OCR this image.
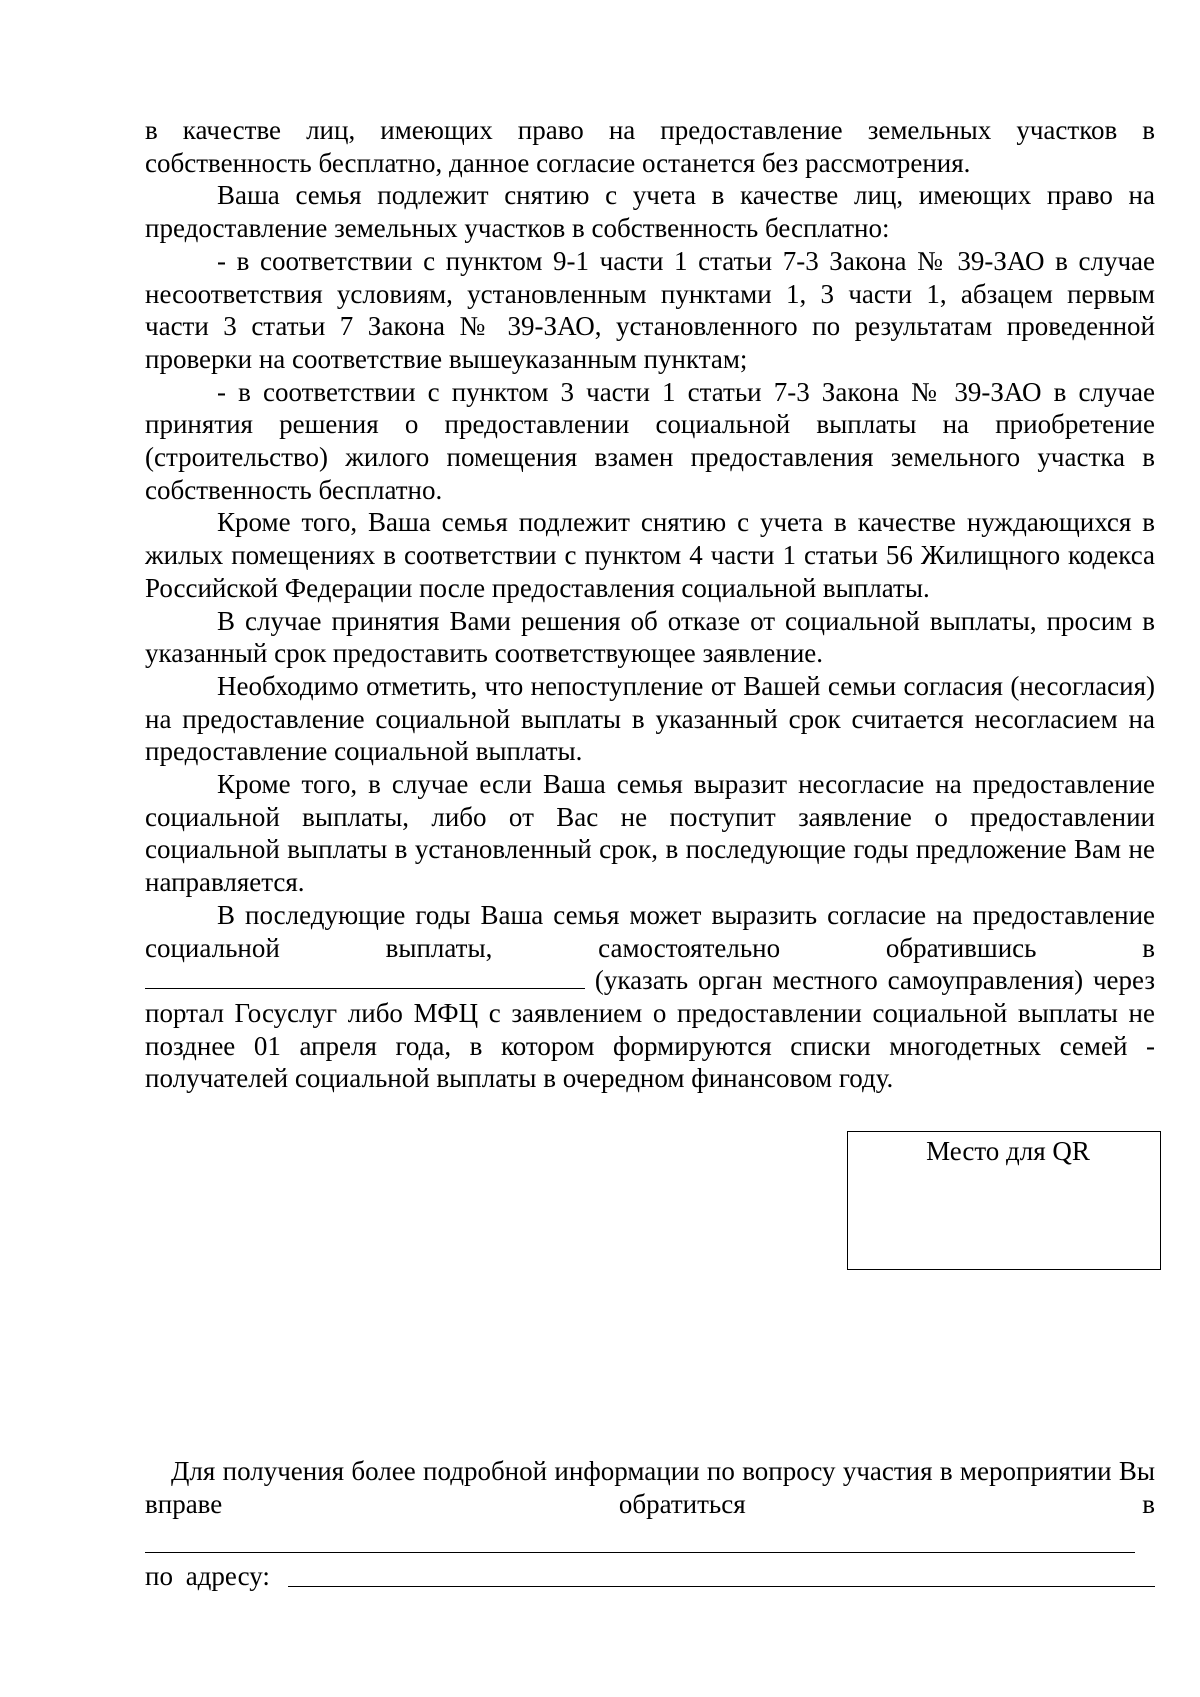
в качестве лиц, имеющих право на предоставление земельных участков в собственность бесплатно, данное согласие останется без рассмотрения.

Ваша семья подлежит снятию с учета в качестве лиц, имеющих право на предоставление земельных участков в собственность бесплатно:

- в соответствии с пунктом 9-1 части 1 статьи 7-3 Закона № 39-ЗАО в случае несоответствия условиям, установленным пунктами 1, 3 части 1, абзацем первым части 3 статьи 7 Закона № 39-ЗАО, установленного по результатам проведенной проверки на соответствие вышеуказанным пунктам;

- в соответствии с пунктом 3 части 1 статьи 7-3 Закона № 39-ЗАО в случае принятия решения о предоставлении социальной выплаты на приобретение (строительство) жилого помещения взамен предоставления земельного участка в собственность бесплатно.

Кроме того, Ваша семья подлежит снятию с учета в качестве нуждающихся в жилых помещениях в соответствии с пунктом 4 части 1 статьи 56 Жилищного кодекса Российской Федерации после предоставления социальной выплаты.

В случае принятия Вами решения об отказе от социальной выплаты, просим в указанный срок предоставить соответствующее заявление.

Необходимо отметить, что непоступление от Вашей семьи согласия (несогласия) на предоставление социальной выплаты в указанный срок считается несогласием на предоставление социальной выплаты.

Кроме того, в случае если Ваша семья выразит несогласие на предоставление социальной выплаты, либо от Вас не поступит заявление о предоставлении социальной выплаты в установленный срок, в последующие годы предложение Вам не направляется.

В последующие годы Ваша семья может выразить согласие на предоставление социальной выплаты, самостоятельно обратившись в  (указать орган местного самоуправления) через портал Госуслуг либо МФЦ с заявлением о предоставлении социальной выплаты не позднее 01 апреля года, в котором формируются списки многодетных семей - получателей социальной выплаты в очередном финансовом году.

Место для QR

Для получения более подробной информации по вопросу участия в мероприятии Вы вправе обратиться в

по адресу:
